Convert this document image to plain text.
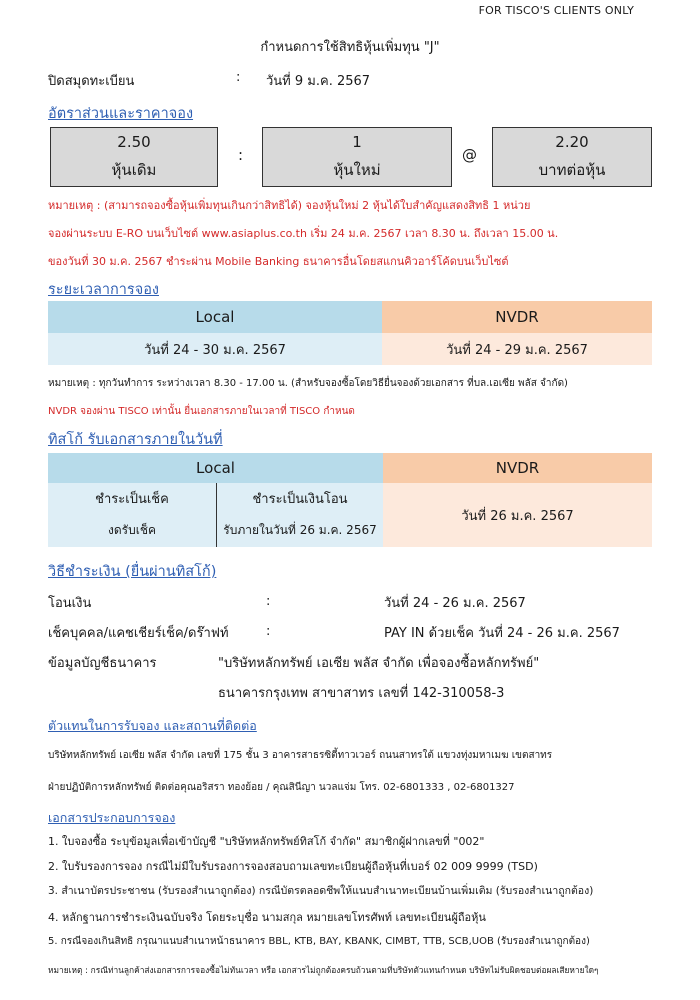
FOR TISCO'S CLIENTS ONLY
กำหนดการใช้สิทธิหุ้นเพิ่มทุน "J"
ปิดสมุดทะเบียน	: วันที่ 9 ม.ค. 2567
อัตราส่วนและราคาจอง
2.50
หุ้นเดิม
:
1
หุ้นใหม่
@
2.20
บาทต่อหุ้น
หมายเหตุ : (สามารถจองซื้อหุ้นเพิ่มทุนเกินกว่าสิทธิได้) จองหุ้นใหม่ 2 หุ้นได้ใบสำคัญแสดงสิทธิ 1 หน่วย
จองผ่านระบบ E-RO บนเว็บไซต์ www.asiaplus.co.th เริ่ม 24 ม.ค. 2567 เวลา 8.30 น. ถึงเวลา 15.00 น.
ของวันที่ 30 ม.ค. 2567 ชำระผ่าน Mobile Banking ธนาคารอื่นโดยสแกนคิวอาร์โค้ดบนเว็บไซต์
ระยะเวลาการจอง
Local	NVDR
วันที่ 24 - 30 ม.ค. 2567	วันที่ 24 - 29 ม.ค. 2567
หมายเหตุ : ทุกวันทำการ ระหว่างเวลา 8.30 - 17.00 น. (สำหรับจองซื้อโดยวิธียื่นจองด้วยเอกสาร ที่บล.เอเซีย พลัส จำกัด)
NVDR จองผ่าน TISCO เท่านั้น ยื่นเอกสารภายในเวลาที่ TISCO กำหนด
ทิสโก้ รับเอกสารภายในวันที่
Local		NVDR
ชำระเป็นเช็ค	ชำระเป็นเงินโอน	วันที่ 26 ม.ค. 2567
งดรับเช็ค	รับภายในวันที่ 26 ม.ค. 2567	
วิธีชำระเงิน (ยื่นผ่านทิสโก้)
โอนเงิน	:	วันที่ 24 - 26 ม.ค. 2567
เช็คบุคคล/แคชเชียร์เช็ค/ดร๊าฟท์	:	PAY IN ด้วยเช็ค วันที่ 24 - 26 ม.ค. 2567
ข้อมูลบัญชีธนาคาร	"บริษัทหลักทรัพย์ เอเซีย พลัส จำกัด เพื่อจองซื้อหลักทรัพย์"
ธนาคารกรุงเทพ สาขาสาทร เลขที่ 142-310058-3
ตัวแทนในการรับจอง และสถานที่ติดต่อ
บริษัทหลักทรัพย์ เอเซีย พลัส จำกัด เลขที่ 175 ชั้น 3 อาคารสาธรซิตี้ทาวเวอร์ ถนนสาทรใต้ แขวงทุ่งมหาเมฆ เขตสาทร
ฝ่ายปฏิบัติการหลักทรัพย์ ติดต่อคุณอริสรา ทองย้อย / คุณสินีญา นวลแจ่ม โทร. 02-6801333 , 02-6801327
เอกสารประกอบการจอง
1. ใบจองซื้อ ระบุข้อมูลเพื่อเข้าบัญชี "บริษัทหลักทรัพย์ทิสโก้ จำกัด" สมาชิกผู้ฝากเลขที่ "002"
2. ใบรับรองการจอง กรณีไม่มีใบรับรองการจองสอบถามเลขทะเบียนผู้ถือหุ้นที่เบอร์ 02 009 9999 (TSD)
3. สำเนาบัตรประชาชน (รับรองสำเนาถูกต้อง) กรณีบัตรตลอดชีพให้แนบสำเนาทะเบียนบ้านเพิ่มเติม (รับรองสำเนาถูกต้อง)
4. หลักฐานการชำระเงินฉบับจริง โดยระบุชื่อ นามสกุล หมายเลขโทรศัพท์ เลขทะเบียนผู้ถือหุ้น
5. กรณีจองเกินสิทธิ กรุณาแนบสำเนาหน้าธนาคาร BBL, KTB, BAY, KBANK, CIMBT, TTB, SCB,UOB (รับรองสำเนาถูกต้อง)
หมายเหตุ : กรณีท่านลูกค้าส่งเอกสารการจองซื้อไม่ทันเวลา หรือ เอกสารไม่ถูกต้องครบถ้วนตามที่บริษัทตัวแทนกำหนด บริษัทไม่รับผิดชอบต่อผลเสียหายใดๆ
